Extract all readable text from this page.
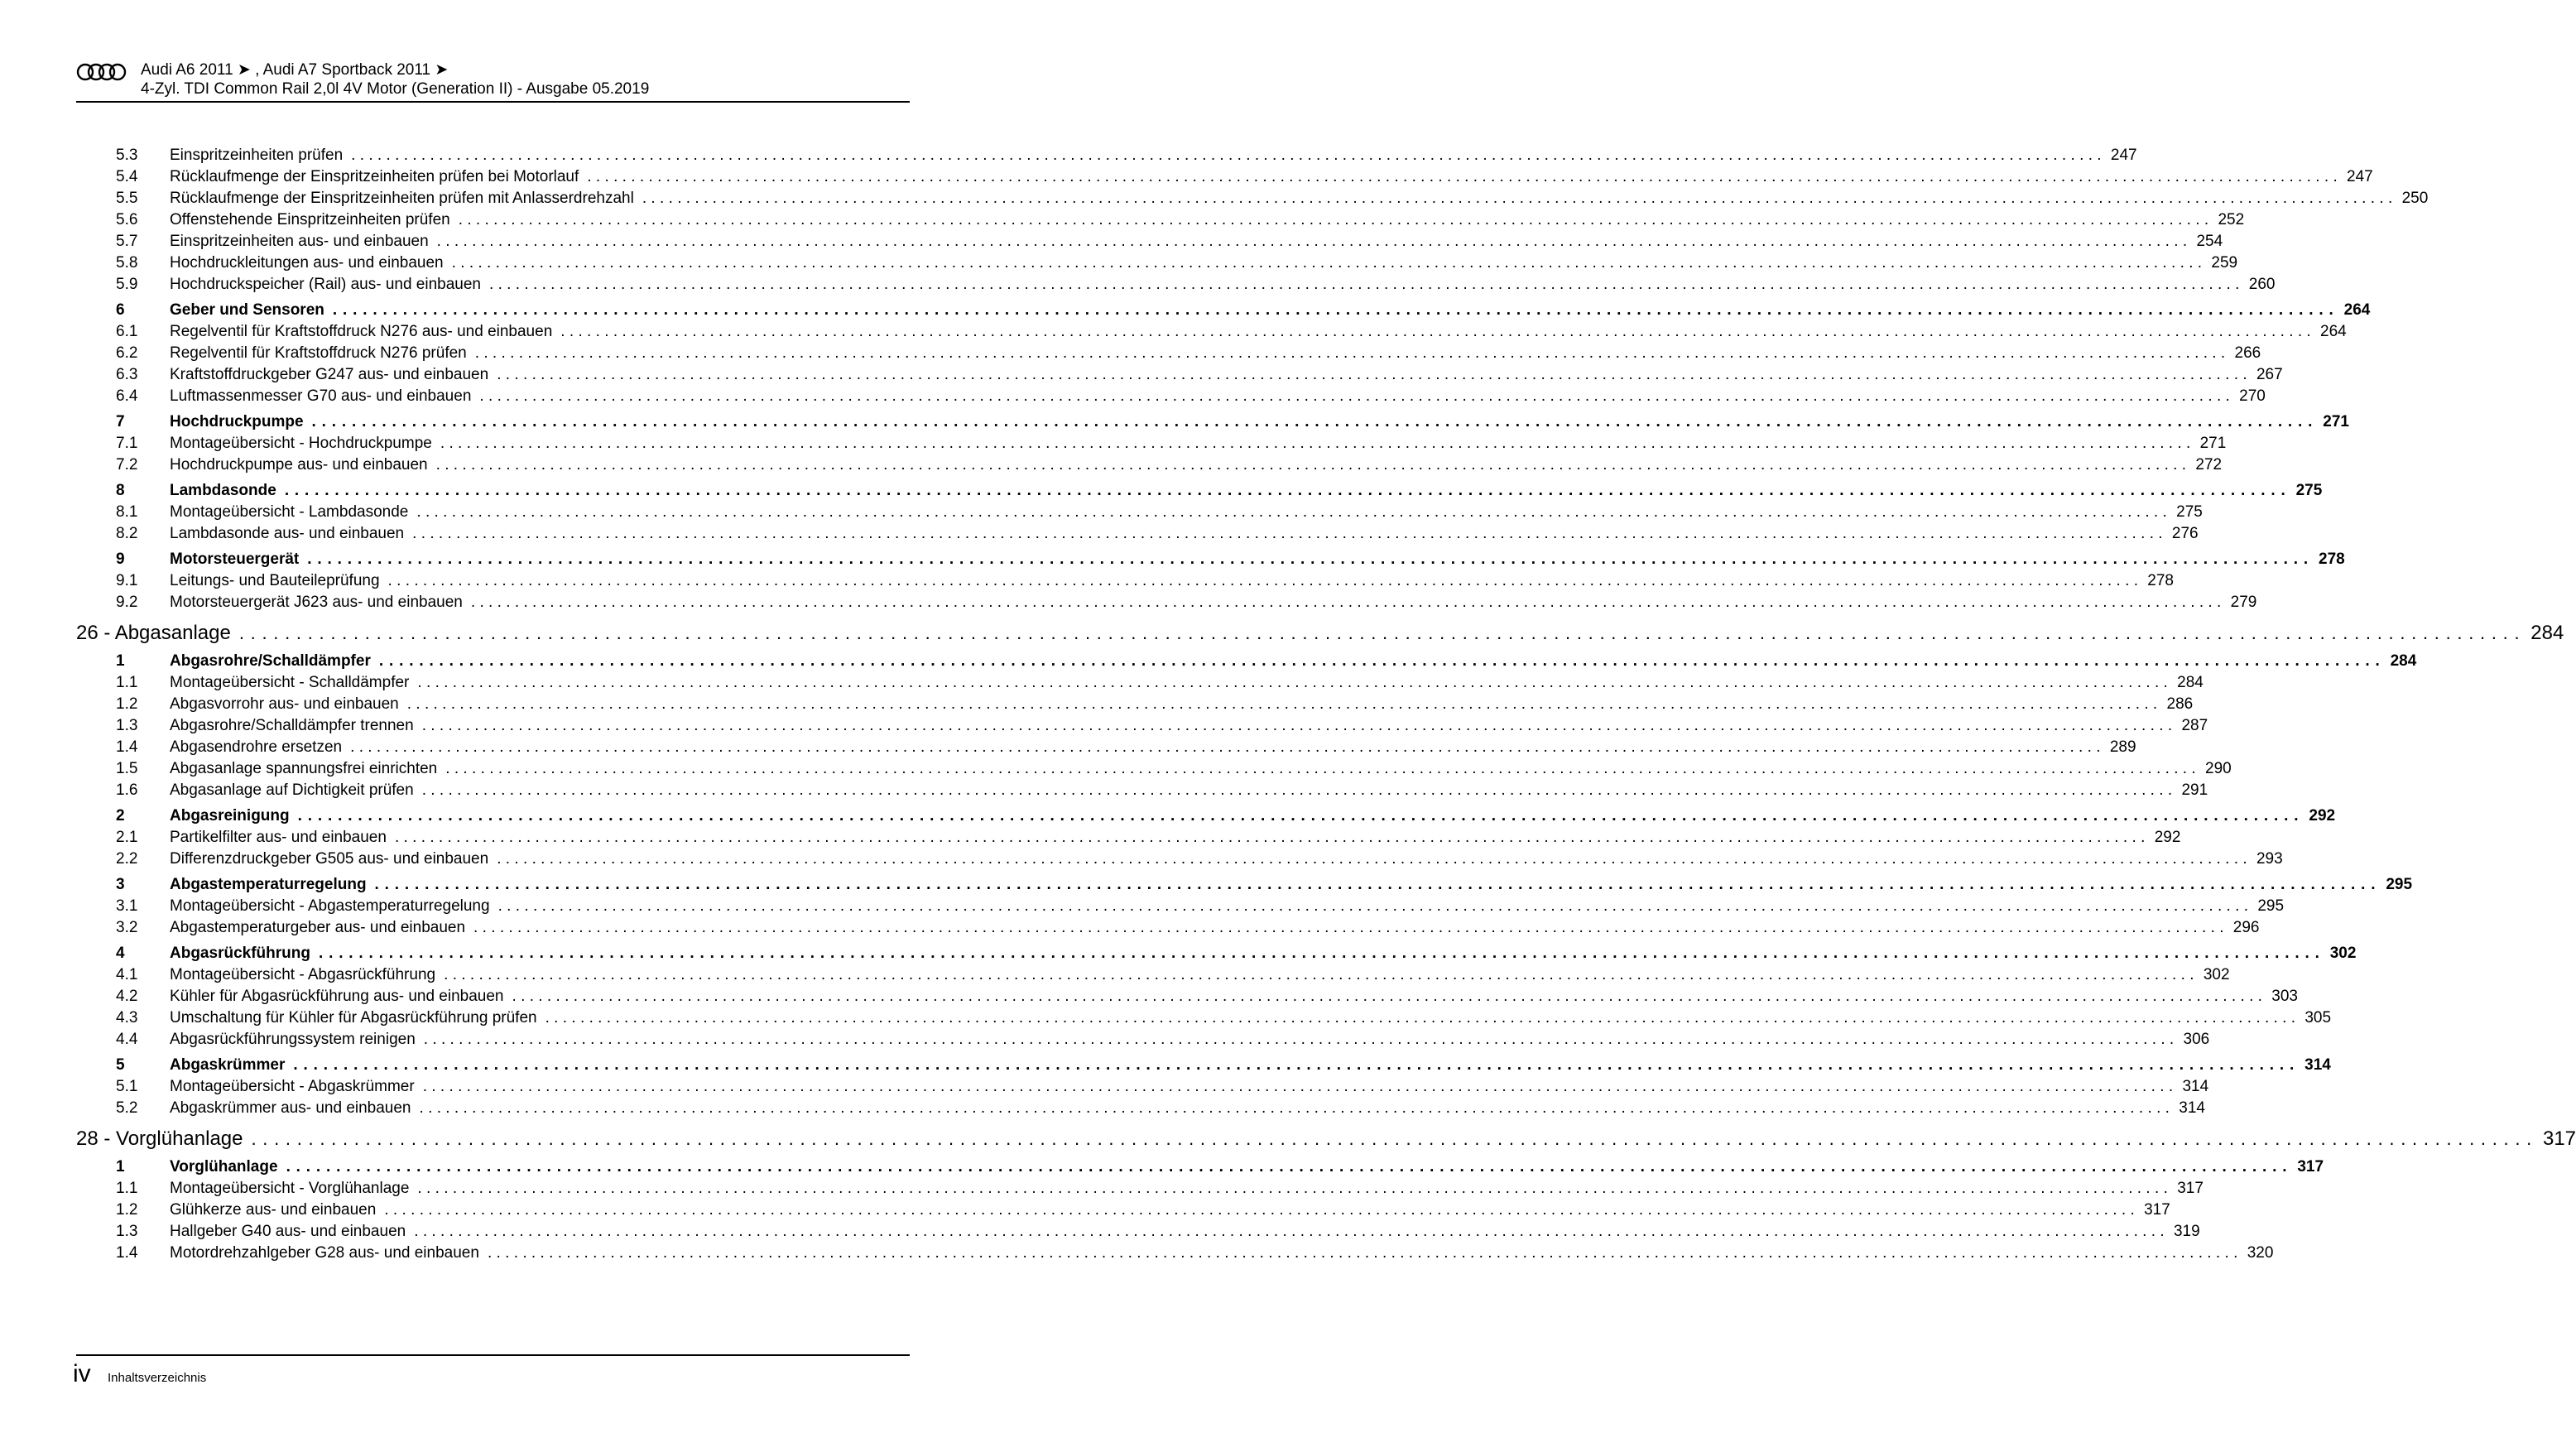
Audi A6 2011 ➤ , Audi A7 Sportback 2011 ➤
4-Zyl. TDI Common Rail 2,0l 4V Motor (Generation II) - Ausgabe 05.2019
5.3	Einspritzeinheiten prüfen ........................................................................................................................................................................................................ 247
5.4	Rücklaufmenge der Einspritzeinheiten prüfen bei Motorlauf ........................................................................................................................................................................................................ 247
5.5	Rücklaufmenge der Einspritzeinheiten prüfen mit Anlasserdrehzahl ........................................................................................................................................................................................................ 250
5.6	Offenstehende Einspritzeinheiten prüfen ........................................................................................................................................................................................................ 252
5.7	Einspritzeinheiten aus- und einbauen ........................................................................................................................................................................................................ 254
5.8	Hochdruckleitungen aus- und einbauen ........................................................................................................................................................................................................ 259
5.9	Hochdruckspeicher (Rail) aus- und einbauen ........................................................................................................................................................................................................ 260
6	Geber und Sensoren ........................................................................................................................................................................................................ 264
6.1	Regelventil für Kraftstoffdruck N276 aus- und einbauen ........................................................................................................................................................................................................ 264
6.2	Regelventil für Kraftstoffdruck N276 prüfen ........................................................................................................................................................................................................ 266
6.3	Kraftstoffdruckgeber G247 aus- und einbauen ........................................................................................................................................................................................................ 267
6.4	Luftmassenmesser G70 aus- und einbauen ........................................................................................................................................................................................................ 270
7	Hochdruckpumpe ........................................................................................................................................................................................................ 271
7.1	Montageübersicht - Hochdruckpumpe ........................................................................................................................................................................................................ 271
7.2	Hochdruckpumpe aus- und einbauen ........................................................................................................................................................................................................ 272
8	Lambdasonde ........................................................................................................................................................................................................ 275
8.1	Montageübersicht - Lambdasonde ........................................................................................................................................................................................................ 275
8.2	Lambdasonde aus- und einbauen ........................................................................................................................................................................................................ 276
9	Motorsteuergerät ........................................................................................................................................................................................................ 278
9.1	Leitungs- und Bauteileprüfung ........................................................................................................................................................................................................ 278
9.2	Motorsteuergerät J623 aus- und einbauen ........................................................................................................................................................................................................ 279
26 - Abgasanlage ........................................................................................................................................................................................................ 284
1	Abgasrohre/Schalldämpfer ........................................................................................................................................................................................................ 284
1.1	Montageübersicht - Schalldämpfer ........................................................................................................................................................................................................ 284
1.2	Abgasvorrohr aus- und einbauen ........................................................................................................................................................................................................ 286
1.3	Abgasrohre/Schalldämpfer trennen ........................................................................................................................................................................................................ 287
1.4	Abgasendrohre ersetzen ........................................................................................................................................................................................................ 289
1.5	Abgasanlage spannungsfrei einrichten ........................................................................................................................................................................................................ 290
1.6	Abgasanlage auf Dichtigkeit prüfen ........................................................................................................................................................................................................ 291
2	Abgasreinigung ........................................................................................................................................................................................................ 292
2.1	Partikelfilter aus- und einbauen ........................................................................................................................................................................................................ 292
2.2	Differenzdruckgeber G505 aus- und einbauen ........................................................................................................................................................................................................ 293
3	Abgastemperaturregelung ........................................................................................................................................................................................................ 295
3.1	Montageübersicht - Abgastemperaturregelung ........................................................................................................................................................................................................ 295
3.2	Abgastemperaturgeber aus- und einbauen ........................................................................................................................................................................................................ 296
4	Abgasrückführung ........................................................................................................................................................................................................ 302
4.1	Montageübersicht - Abgasrückführung ........................................................................................................................................................................................................ 302
4.2	Kühler für Abgasrückführung aus- und einbauen ........................................................................................................................................................................................................ 303
4.3	Umschaltung für Kühler für Abgasrückführung prüfen ........................................................................................................................................................................................................ 305
4.4	Abgasrückführungssystem reinigen ........................................................................................................................................................................................................ 306
5	Abgaskrümmer ........................................................................................................................................................................................................ 314
5.1	Montageübersicht - Abgaskrümmer ........................................................................................................................................................................................................ 314
5.2	Abgaskrümmer aus- und einbauen ........................................................................................................................................................................................................ 314
28 - Vorglühanlage ........................................................................................................................................................................................................ 317
1	Vorglühanlage ........................................................................................................................................................................................................ 317
1.1	Montageübersicht - Vorglühanlage ........................................................................................................................................................................................................ 317
1.2	Glühkerze aus- und einbauen ........................................................................................................................................................................................................ 317
1.3	Hallgeber G40 aus- und einbauen ........................................................................................................................................................................................................ 319
1.4	Motordrehzahlgeber G28 aus- und einbauen ........................................................................................................................................................................................................ 320
iv Inhaltsverzeichnis
